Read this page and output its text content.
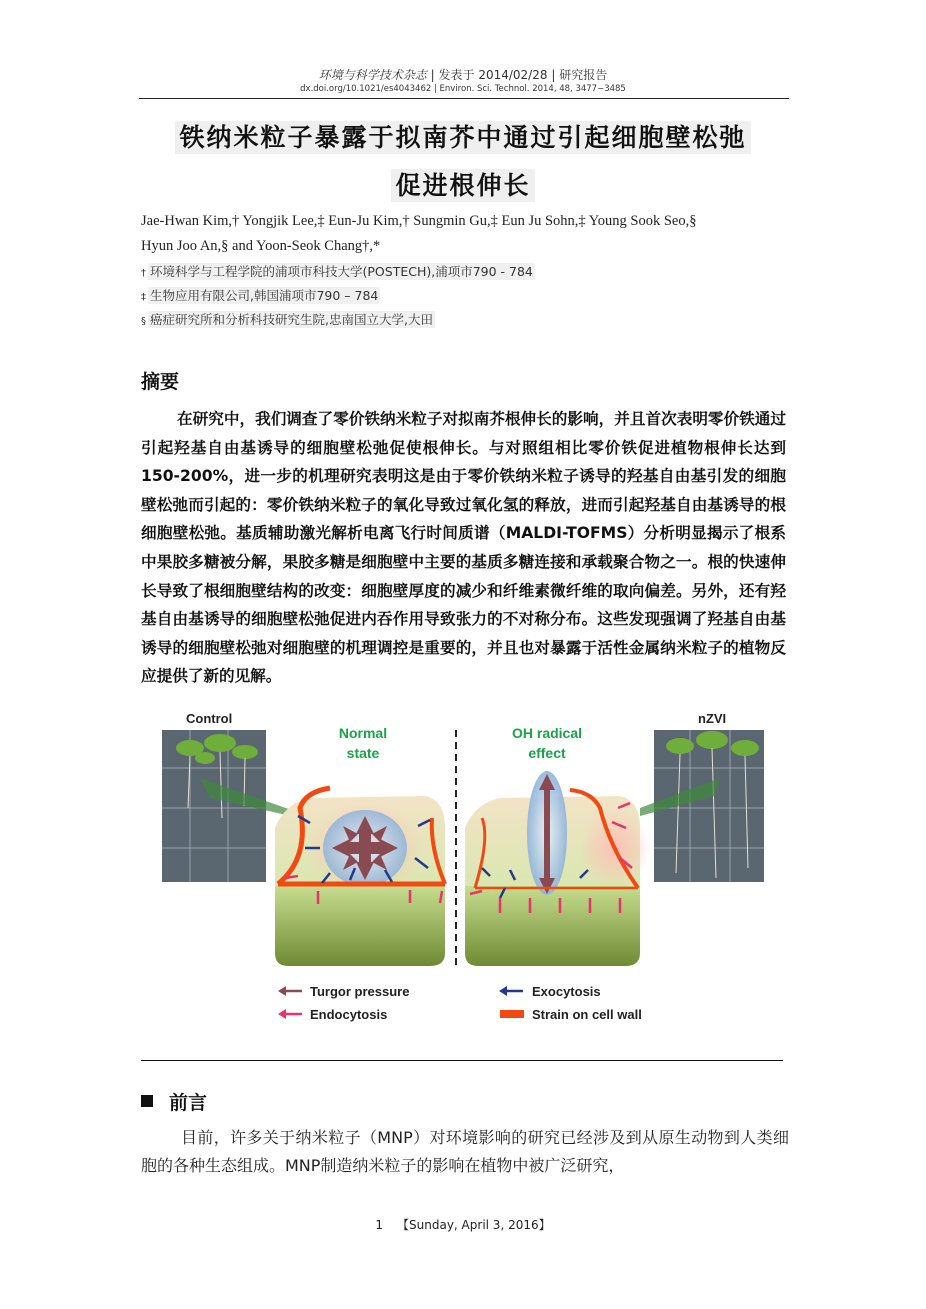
环境与科学技术杂志 | 发表于 2014/02/28 | 研究报告
dx.doi.org/10.1021/es4043462 | Environ. Sci. Technol. 2014, 48, 3477−3485
铁纳米粒子暴露于拟南芥中通过引起细胞壁松弛
促进根伸长
Jae-Hwan Kim,† Yongjik Lee,‡ Eun-Ju Kim,† Sungmin Gu,‡ Eun Ju Sohn,‡ Young Sook Seo,§
Hyun Joo An,§ and Yoon-Seok Chang†,*
† 环境科学与工程学院的浦项市科技大学(POSTECH),浦项市790 - 784
‡ 生物应用有限公司,韩国浦项市790 – 784
§ 癌症研究所和分析科技研究生院,忠南国立大学,大田
摘要

在研究中，我们调查了零价铁纳米粒子对拟南芥根伸长的影响，并且首次表明零价铁通过引起羟基自由基诱导的细胞壁松弛促使根伸长。与对照组相比零价铁促进植物根伸长达到150-200%，进一步的机理研究表明这是由于零价铁纳米粒子诱导的羟基自由基引发的细胞壁松弛而引起的：零价铁纳米粒子的氧化导致过氧化氢的释放，进而引起羟基自由基诱导的根细胞壁松弛。基质辅助激光解析电离飞行时间质谱（MALDI-TOFMS）分析明显揭示了根系中果胶多糖被分解，果胶多糖是细胞壁中主要的基质多糖连接和承载聚合物之一。根的快速伸长导致了根细胞壁结构的改变：细胞壁厚度的减少和纤维素微纤维的取向偏差。另外，还有羟基自由基诱导的细胞壁松弛促进内吞作用导致张力的不对称分布。这些发现强调了羟基自由基诱导的细胞壁松弛对细胞壁的机理调控是重要的，并且也对暴露于活性金属纳米粒子的植物反应提供了新的见解。

Control	nZVI
Normal
state
OH radical
effect
Turgor pressure
Endocytosis
Exocytosis
Strain on cell wall
前言

目前，许多关于纳米粒子（MNP）对环境影响的研究已经涉及到从原生动物到人类细胞的各种生态组成。MNP制造纳米粒子的影响在植物中被广泛研究，

1 【Sunday, April 3, 2016】
